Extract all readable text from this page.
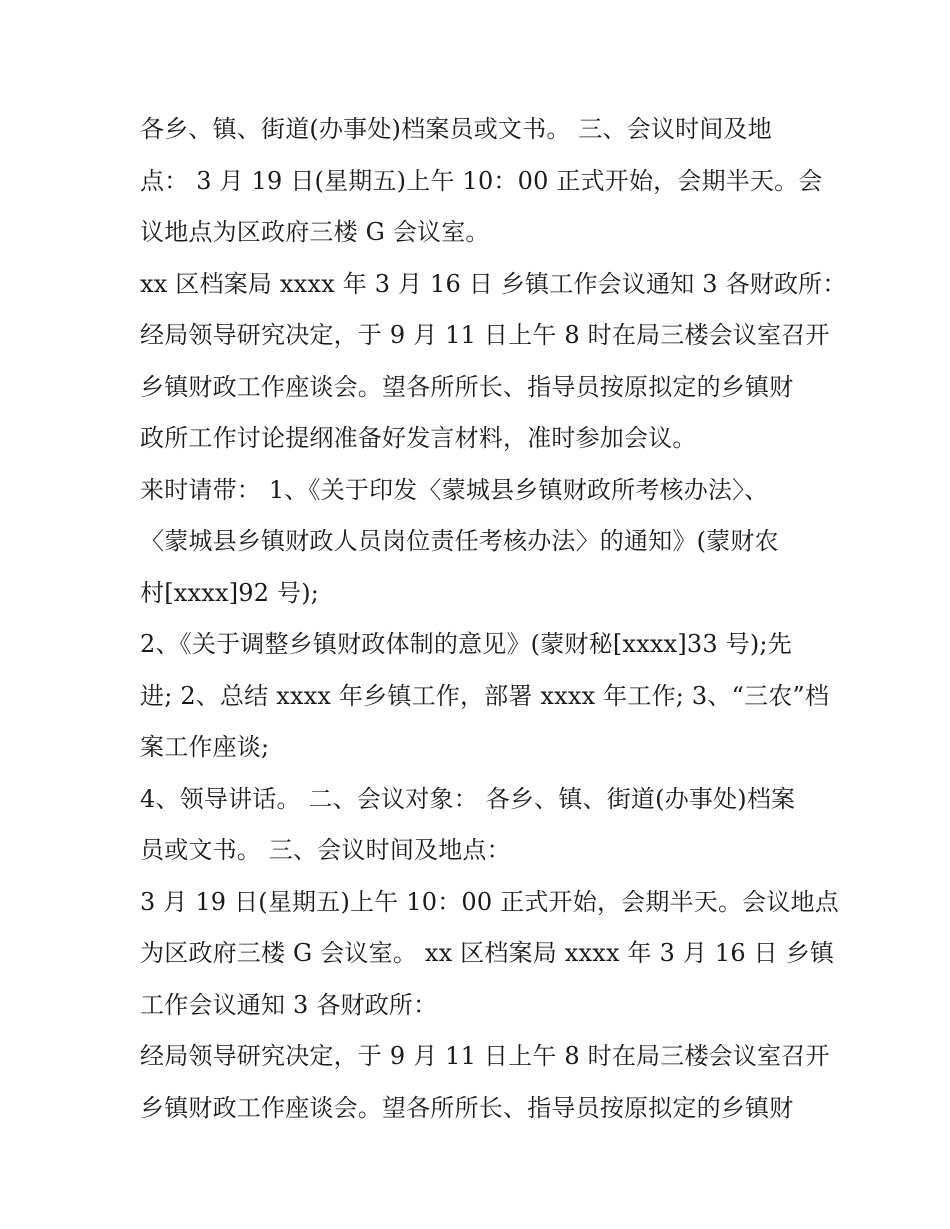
各乡、镇、街道(办事处)档案员或文书。 三、会议时间及地
点： 3 月 19 日(星期五)上午 10：00 正式开始，会期半天。会
议地点为区政府三楼 G 会议室。
xx 区档案局 xxxx 年 3 月 16 日 乡镇工作会议通知 3 各财政所：
经局领导研究决定，于 9 月 11 日上午 8 时在局三楼会议室召开
乡镇财政工作座谈会。望各所所长、指导员按原拟定的乡镇财
政所工作讨论提纲准备好发言材料，准时参加会议。
来时请带： 1、《关于印发〈蒙城县乡镇财政所考核办法〉、
〈蒙城县乡镇财政人员岗位责任考核办法〉的通知》(蒙财农
村[xxxx]92 号);
2、《关于调整乡镇财政体制的意见》(蒙财秘[xxxx]33 号);先
进; 2、总结 xxxx 年乡镇工作，部署 xxxx 年工作; 3、“三农”档
案工作座谈;
4、领导讲话。 二、会议对象： 各乡、镇、街道(办事处)档案
员或文书。 三、会议时间及地点：
3 月 19 日(星期五)上午 10：00 正式开始，会期半天。会议地点
为区政府三楼 G 会议室。 xx 区档案局 xxxx 年 3 月 16 日 乡镇
工作会议通知 3 各财政所：
经局领导研究决定，于 9 月 11 日上午 8 时在局三楼会议室召开
乡镇财政工作座谈会。望各所所长、指导员按原拟定的乡镇财
